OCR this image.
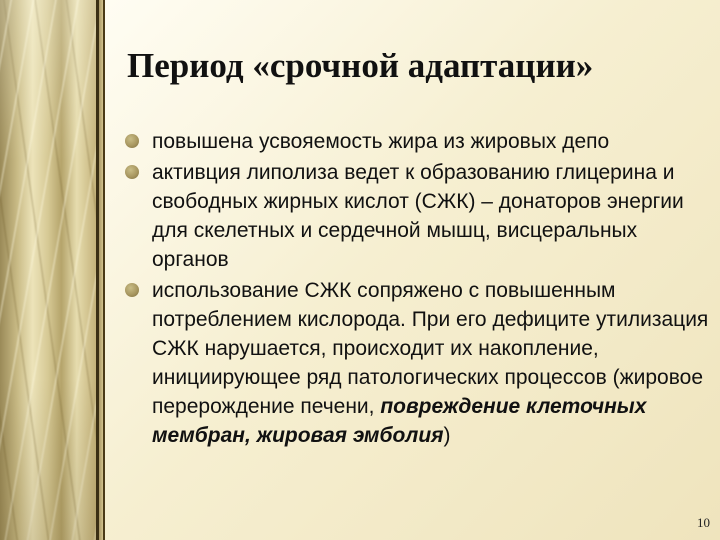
Период «срочной адаптации»
повышена усвояемость жира из жировых депо
активция липолиза ведет к образованию глицерина и свободных жирных кислот (СЖК) – донаторов энергии для скелетных и сердечной мышц, висцеральных органов
использование СЖК сопряжено с повышенным потреблением кислорода. При его дефиците утилизация СЖК нарушается, происходит их накопление, инициирующее ряд патологических процессов (жировое перерождение печени, повреждение клеточных мембран, жировая эмболия)
10
